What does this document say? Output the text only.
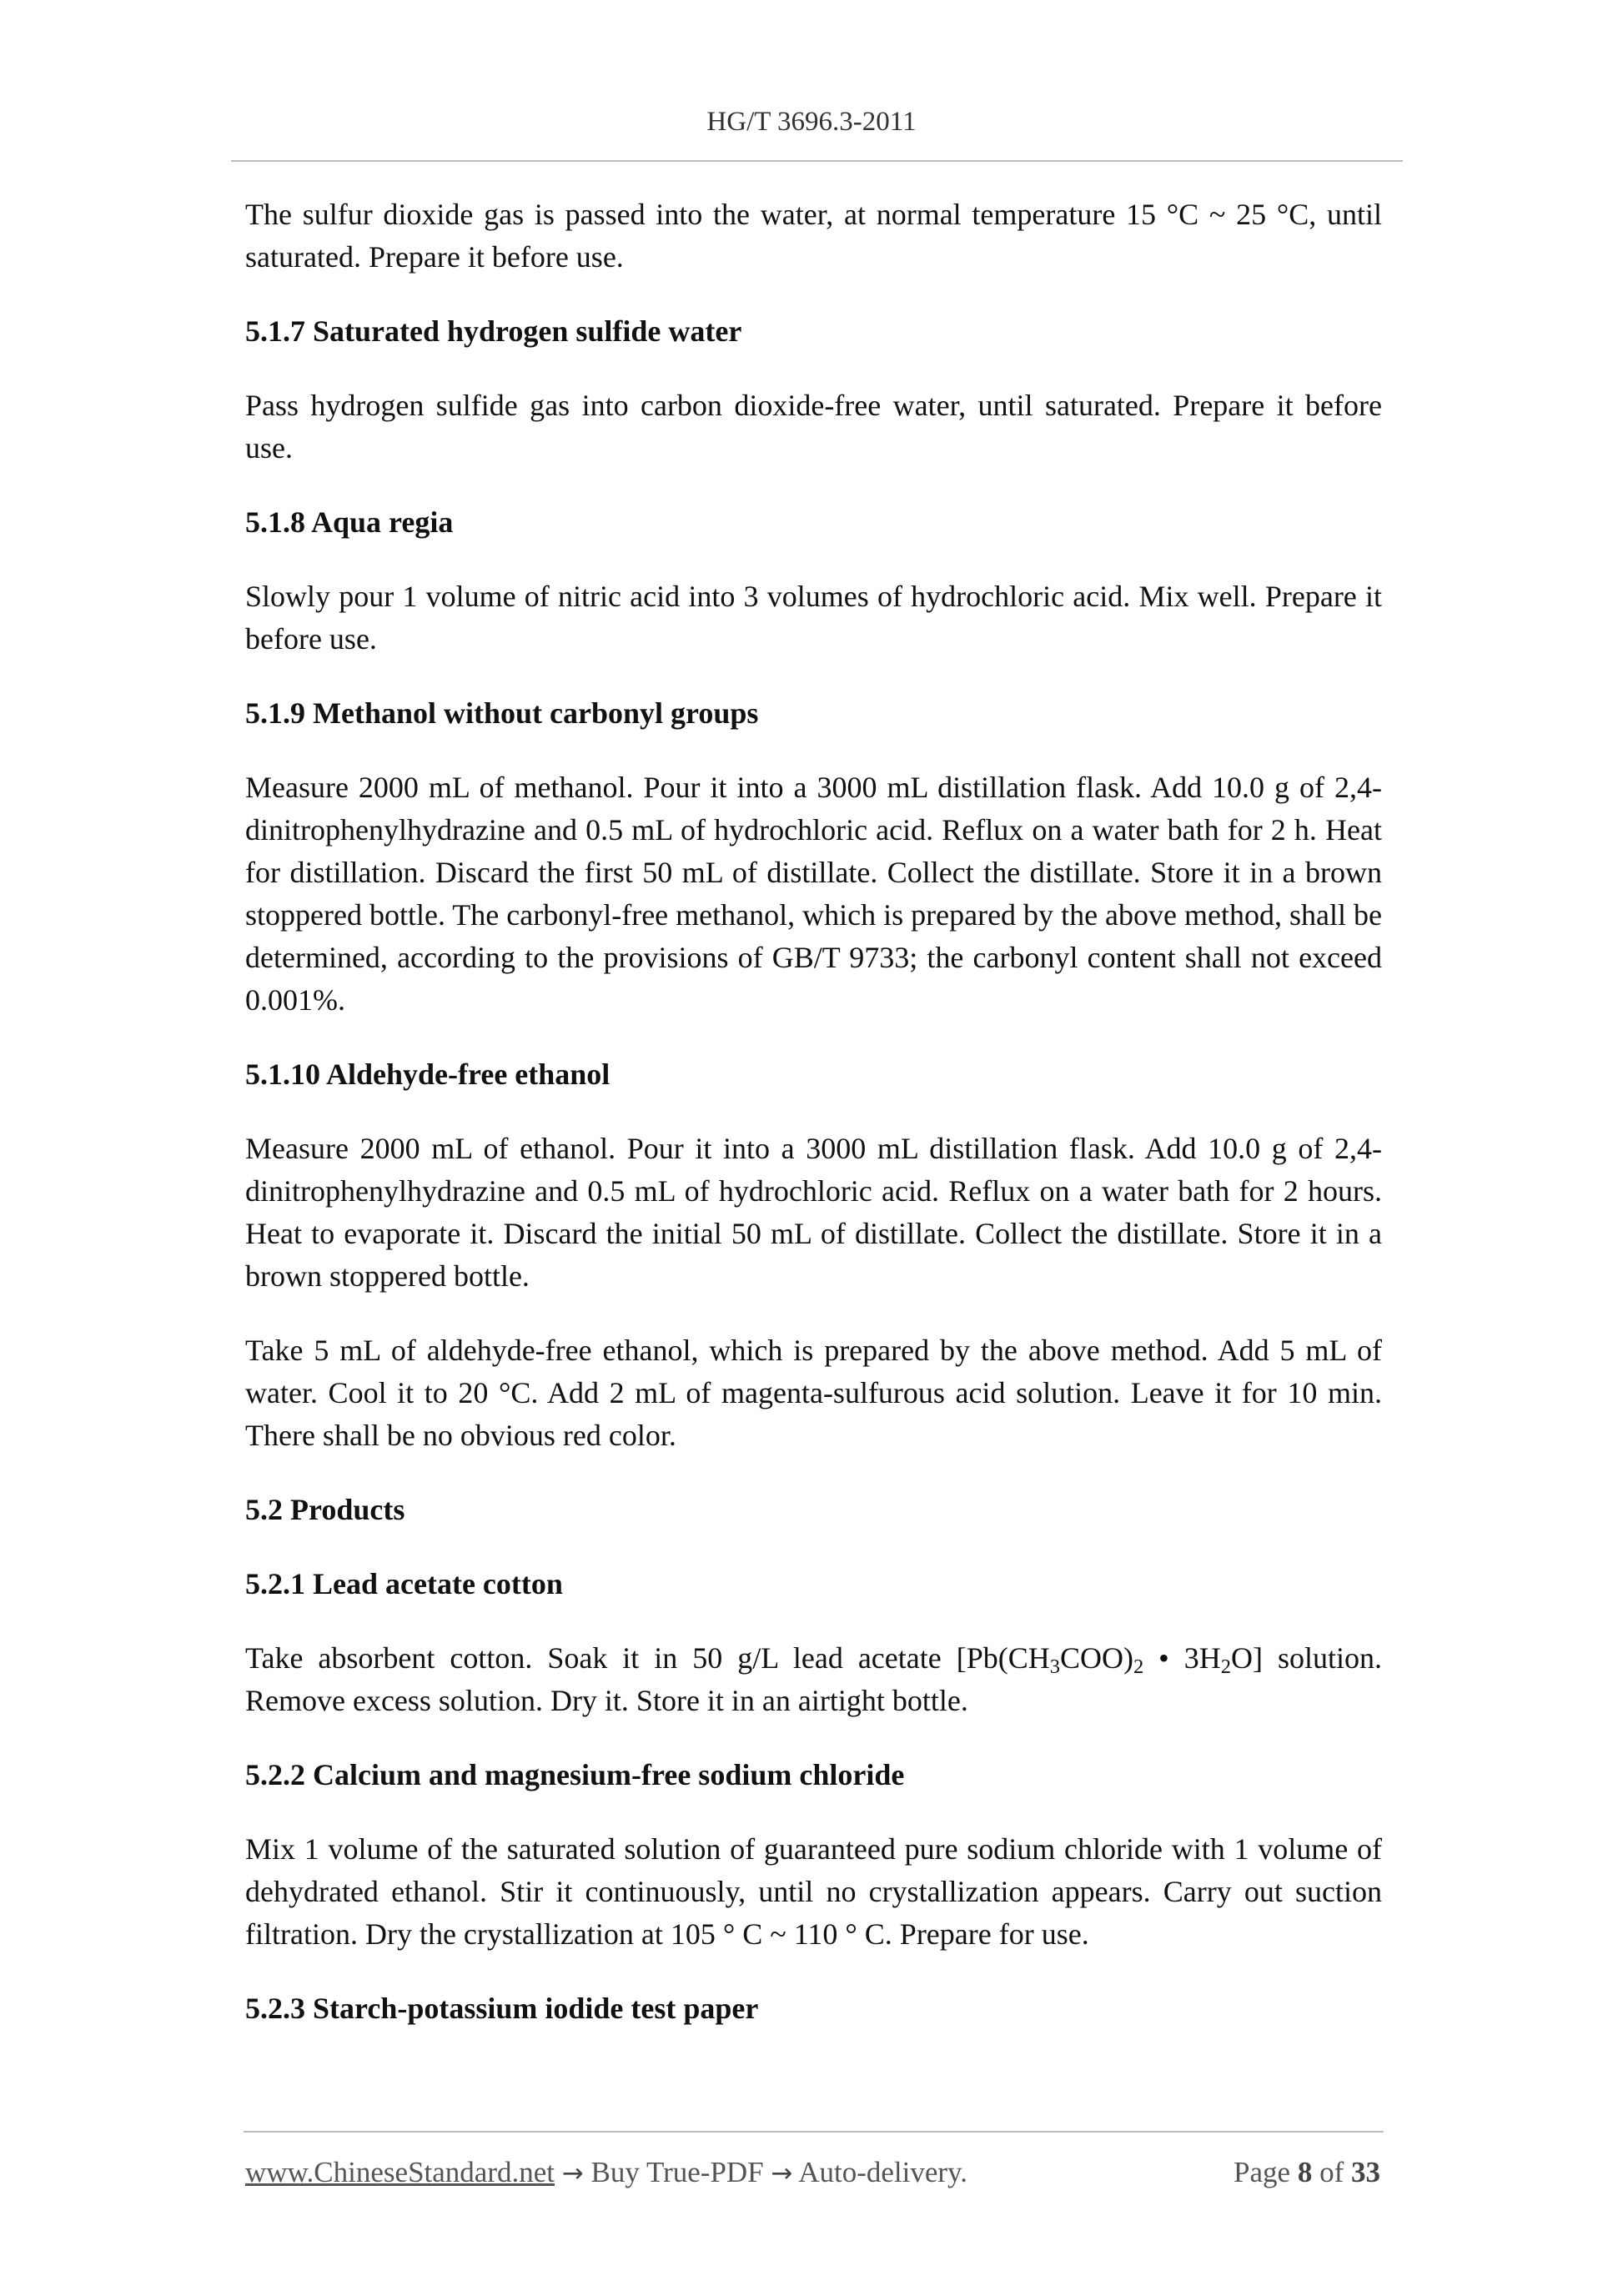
HG/T 3696.3-2011

The sulfur dioxide gas is passed into the water, at normal temperature 15 °C ~ 25 °C, until saturated. Prepare it before use.

5.1.7 Saturated hydrogen sulfide water

Pass hydrogen sulfide gas into carbon dioxide-free water, until saturated. Prepare it before use.

5.1.8 Aqua regia

Slowly pour 1 volume of nitric acid into 3 volumes of hydrochloric acid. Mix well. Prepare it before use.

5.1.9 Methanol without carbonyl groups

Measure 2000 mL of methanol. Pour it into a 3000 mL distillation flask. Add 10.0 g of 2,4-dinitrophenylhydrazine and 0.5 mL of hydrochloric acid. Reflux on a water bath for 2 h. Heat for distillation. Discard the first 50 mL of distillate. Collect the distillate. Store it in a brown stoppered bottle. The carbonyl-free methanol, which is prepared by the above method, shall be determined, according to the provisions of GB/T 9733; the carbonyl content shall not exceed 0.001%.

5.1.10 Aldehyde-free ethanol

Measure 2000 mL of ethanol. Pour it into a 3000 mL distillation flask. Add 10.0 g of 2,4-dinitrophenylhydrazine and 0.5 mL of hydrochloric acid. Reflux on a water bath for 2 hours. Heat to evaporate it. Discard the initial 50 mL of distillate. Collect the distillate. Store it in a brown stoppered bottle.

Take 5 mL of aldehyde-free ethanol, which is prepared by the above method. Add 5 mL of water. Cool it to 20 °C. Add 2 mL of magenta-sulfurous acid solution. Leave it for 10 min. There shall be no obvious red color.

5.2 Products

5.2.1 Lead acetate cotton

Take absorbent cotton. Soak it in 50 g/L lead acetate [$Pb(CH_3COO)_2$ • $3H_2O$] solution. Remove excess solution. Dry it. Store it in an airtight bottle.

5.2.2 Calcium and magnesium-free sodium chloride

Mix 1 volume of the saturated solution of guaranteed pure sodium chloride with 1 volume of dehydrated ethanol. Stir it continuously, until no crystallization appears. Carry out suction filtration. Dry the crystallization at 105 ° C ~ 110 ° C. Prepare for use.

5.2.3 Starch-potassium iodide test paper

www.ChineseStandard.net → Buy True-PDF → Auto-delivery.	Page 8 of 33
